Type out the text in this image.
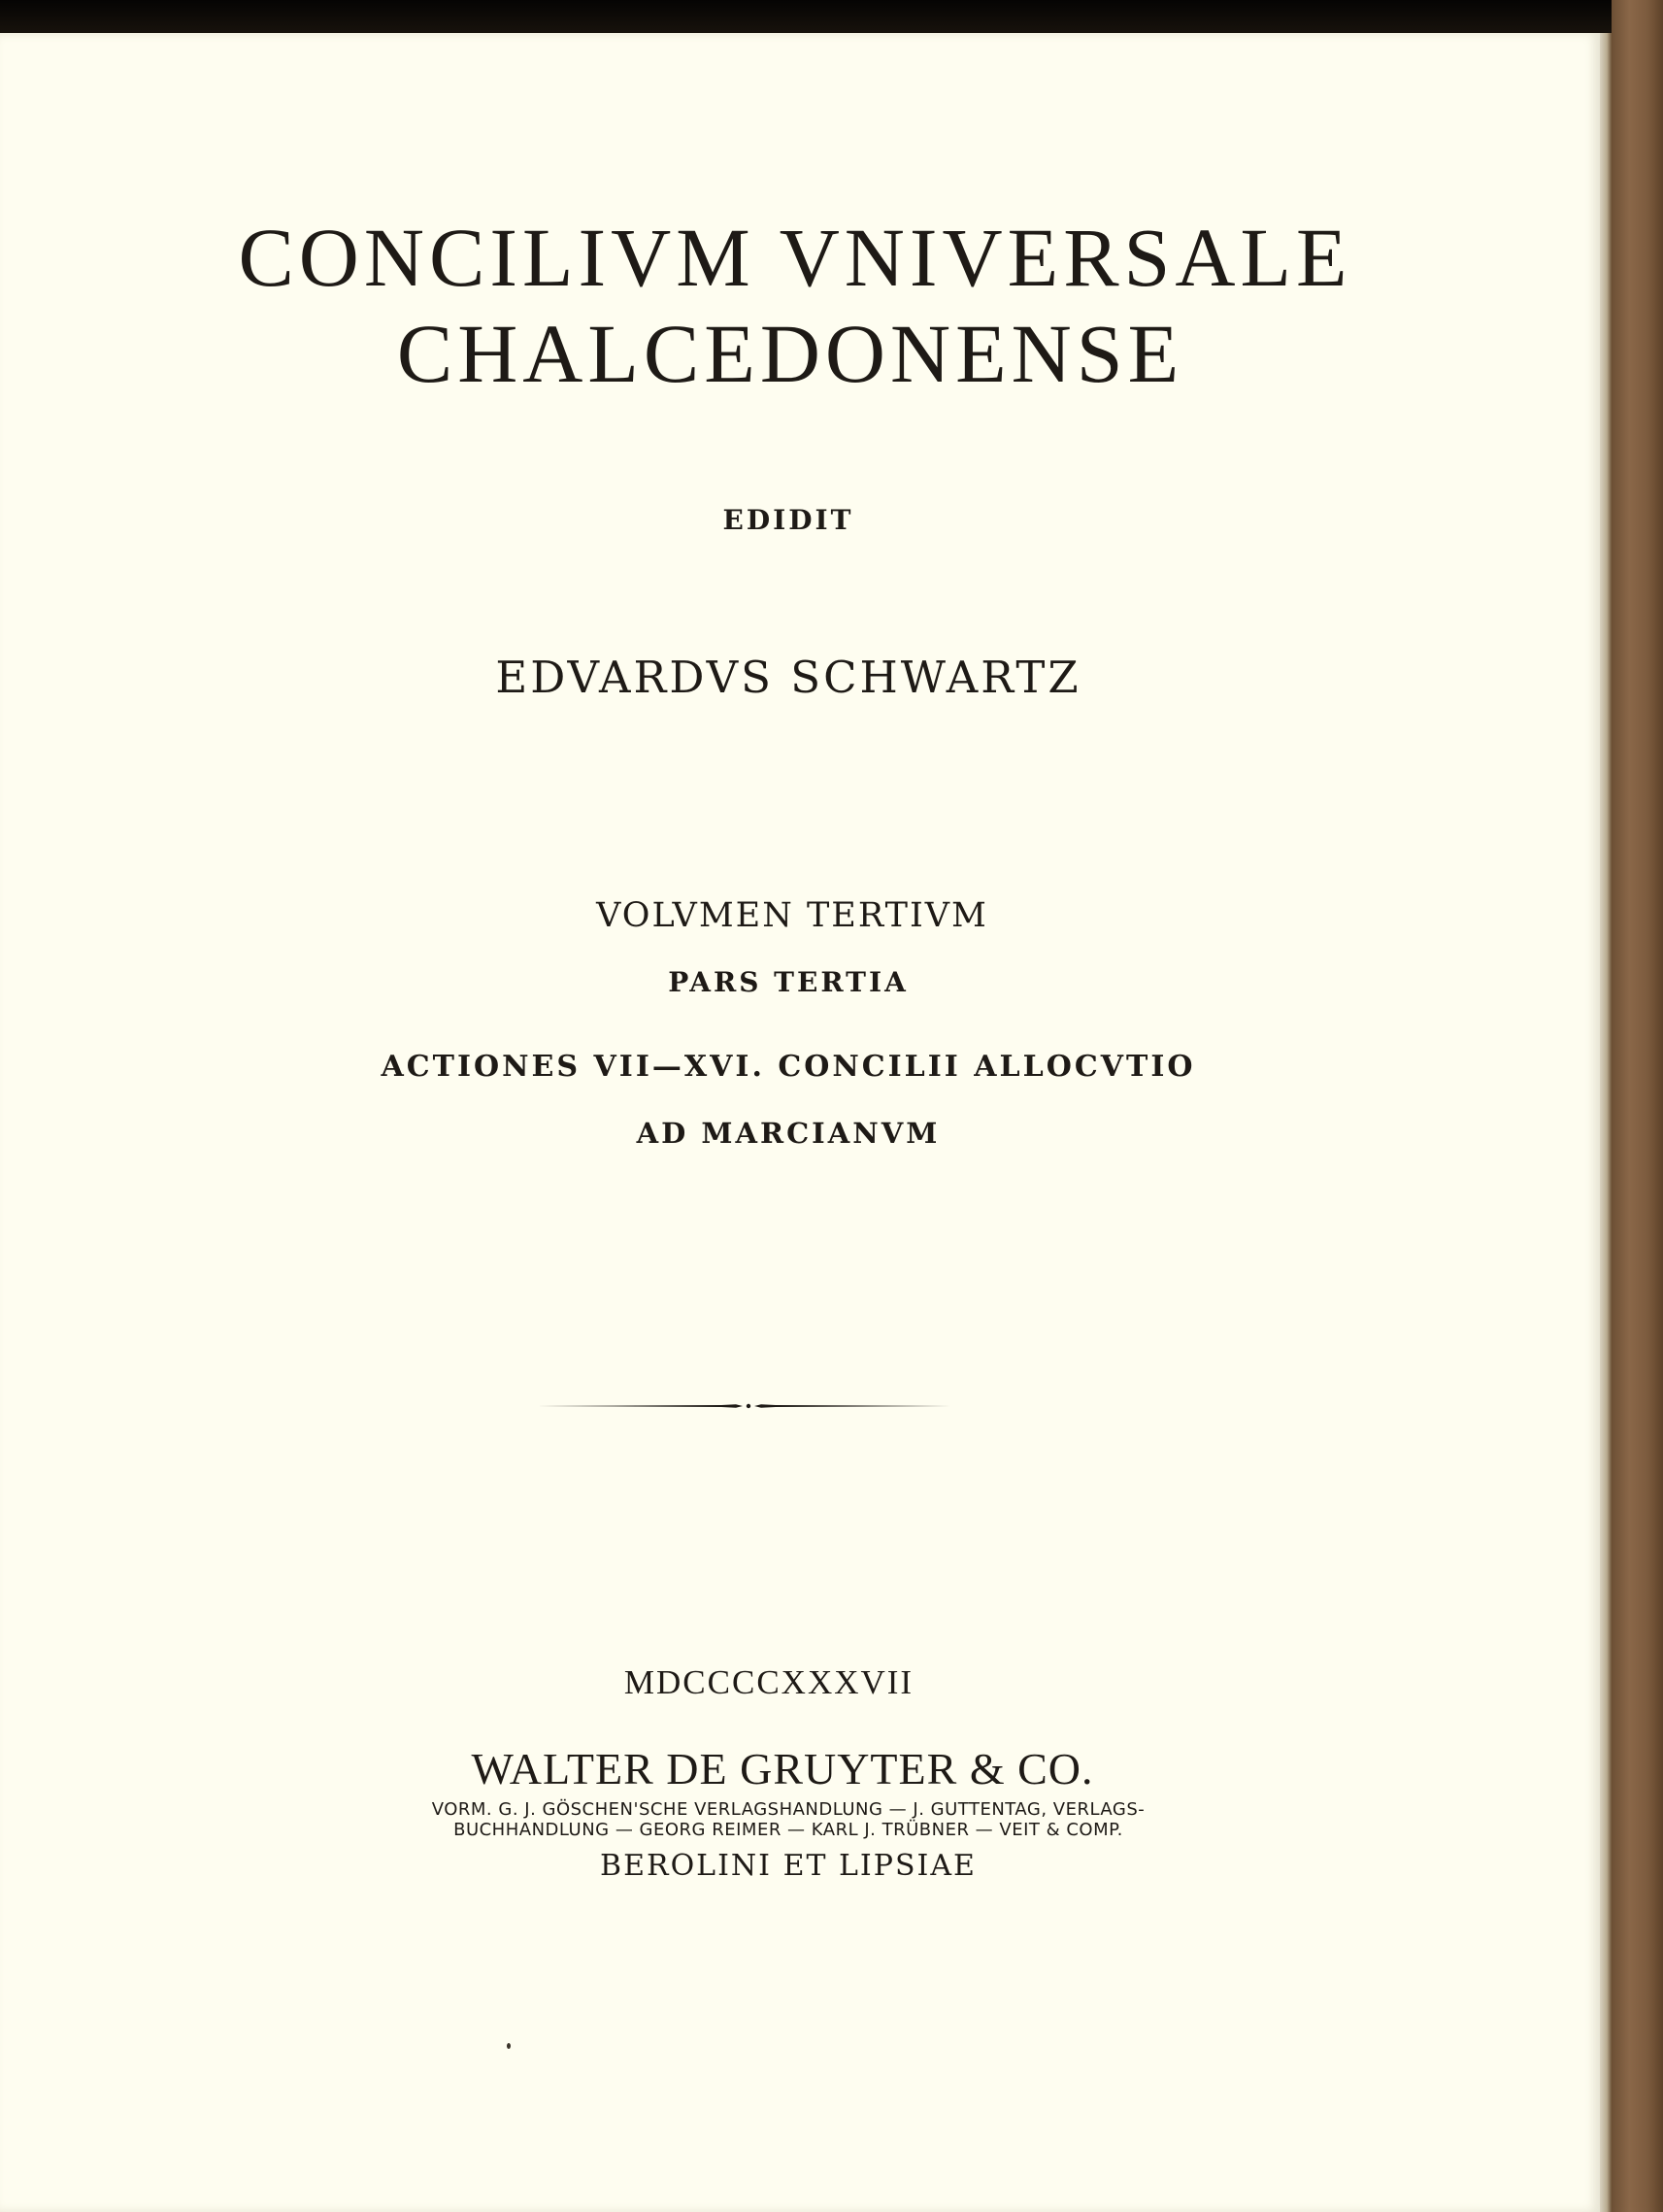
CONCILIVM VNIVERSALE
CHALCEDONENSE

EDIDIT

EDVARDVS SCHWARTZ

VOLVMEN TERTIVM

PARS TERTIA

ACTIONES VII—XVI. CONCILII ALLOCVTIO

AD MARCIANVM

MDCCCCXXXVII

WALTER DE GRUYTER & CO.

VORM. G. J. GÖSCHEN'SCHE VERLAGSHANDLUNG — J. GUTTENTAG, VERLAGS-

BUCHHANDLUNG — GEORG REIMER — KARL J. TRÜBNER — VEIT & COMP.

BEROLINI ET LIPSIAE
